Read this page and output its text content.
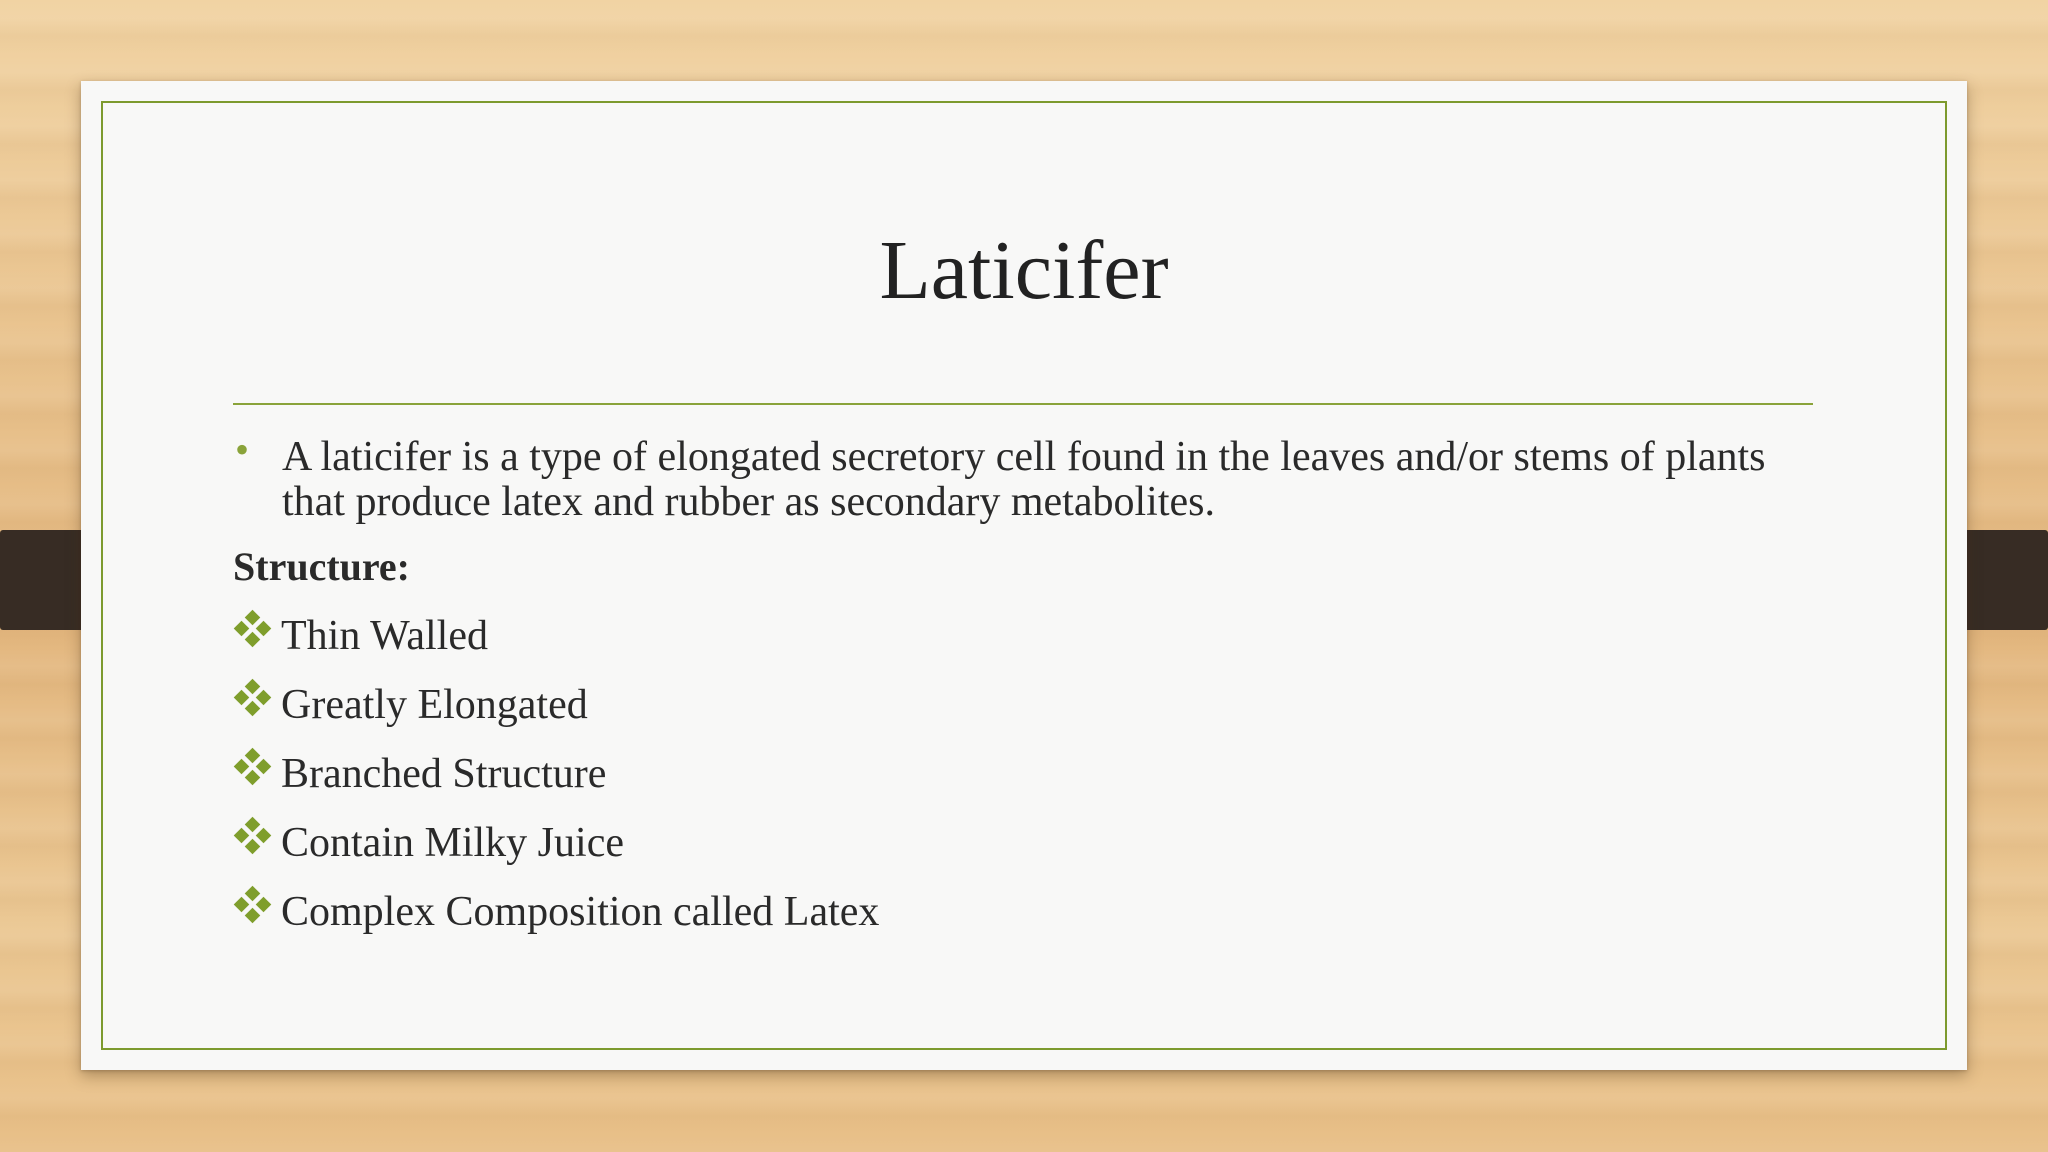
Laticifer
• A laticifer is a type of elongated secretory cell found in the leaves and/or stems of plants that produce latex and rubber as secondary metabolites.
Structure:
Thin Walled
Greatly Elongated
Branched Structure
Contain Milky Juice
Complex Composition called Latex
